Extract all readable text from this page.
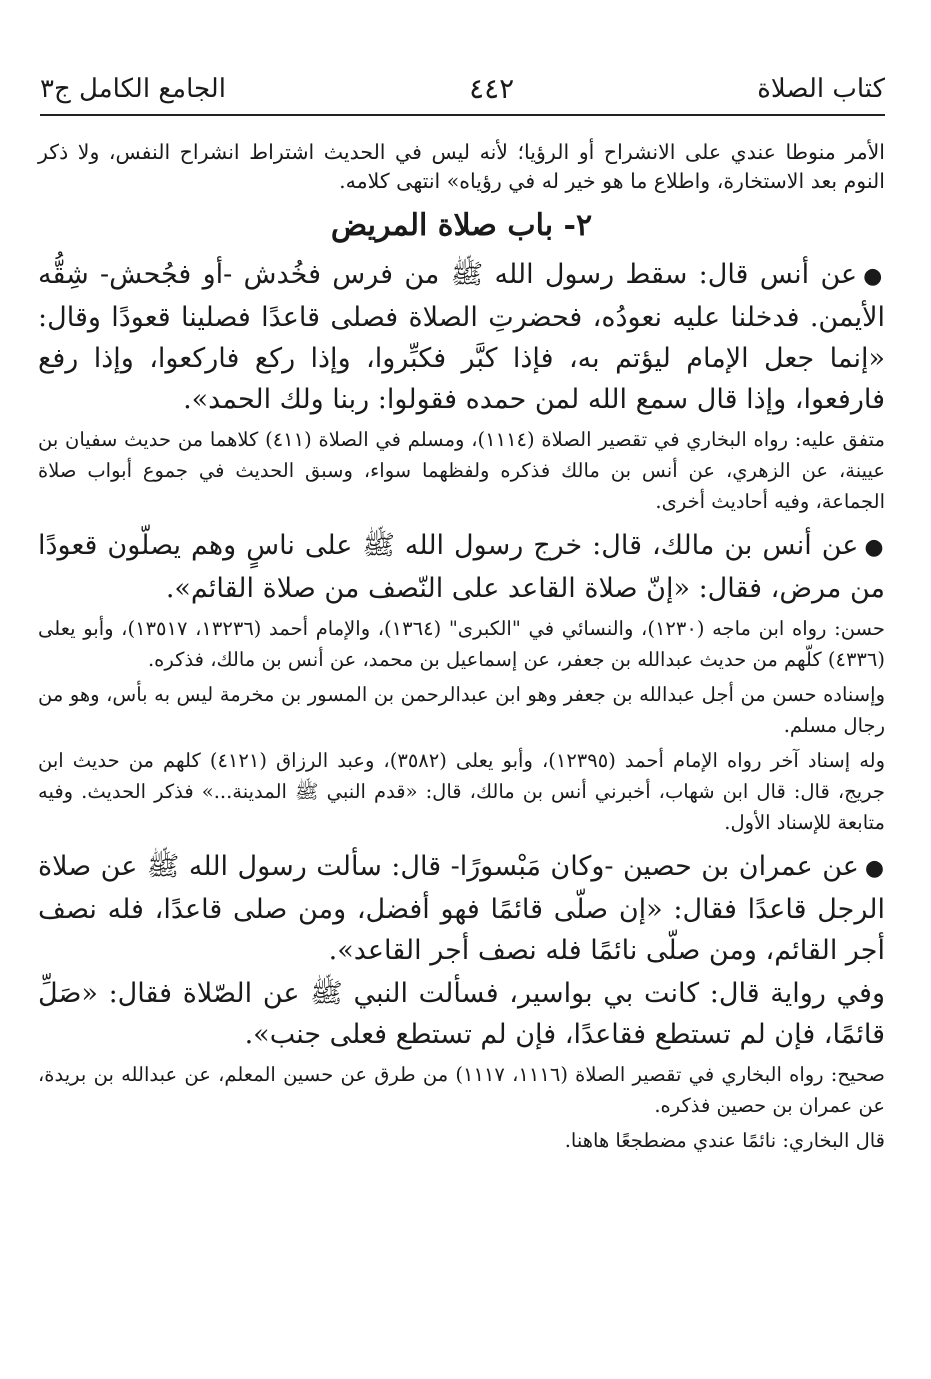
كتاب الصلاة
٤٤٢
الجامع الكامل ج٣

الأمر منوطا عندي على الانشراح أو الرؤيا؛ لأنه ليس في الحديث اشتراط انشراح النفس، ولا ذكر النوم بعد الاستخارة، واطلاع ما هو خير له في رؤياه» انتهى كلامه.

٢- باب صلاة المريض

●عن أنس قال: سقط رسول الله ﷺ من فرس فخُدش -أو فجُحش- شِقُّه الأيمن. فدخلنا عليه نعودُه، فحضرتِ الصلاة فصلى قاعدًا فصلينا قعودًا وقال: «إنما جعل الإمام ليؤتم به، فإذا كبَّر فكبِّروا، وإذا ركع فاركعوا، وإذا رفع فارفعوا، وإذا قال سمع الله لمن حمده فقولوا: ربنا ولك الحمد».

متفق عليه: رواه البخاري في تقصير الصلاة (١١١٤)، ومسلم في الصلاة (٤١١) كلاهما من حديث سفيان بن عيينة، عن الزهري، عن أنس بن مالك فذكره ولفظهما سواء، وسبق الحديث في جموع أبواب صلاة الجماعة، وفيه أحاديث أخرى.

●عن أنس بن مالك، قال: خرج رسول الله ﷺ على ناسٍ وهم يصلّون قعودًا من مرض، فقال: «إنّ صلاة القاعد على النّصف من صلاة القائم».

حسن: رواه ابن ماجه (١٢٣٠)، والنسائي في "الكبرى" (١٣٦٤)، والإمام أحمد (١٣٢٣٦، ١٣٥١٧)، وأبو يعلى (٤٣٣٦) كلّهم من حديث عبدالله بن جعفر، عن إسماعيل بن محمد، عن أنس بن مالك، فذكره.

وإسناده حسن من أجل عبدالله بن جعفر وهو ابن عبدالرحمن بن المسور بن مخرمة ليس به بأس، وهو من رجال مسلم.

وله إسناد آخر رواه الإمام أحمد (١٢٣٩٥)، وأبو يعلى (٣٥٨٢)، وعبد الرزاق (٤١٢١) كلهم من حديث ابن جريج، قال: قال ابن شهاب، أخبرني أنس بن مالك، قال: «قدم النبي ﷺ المدينة...» فذكر الحديث. وفيه متابعة للإسناد الأول.

●عن عمران بن حصين -وكان مَبْسورًا- قال: سألت رسول الله ﷺ عن صلاة الرجل قاعدًا فقال: «إن صلّى قائمًا فهو أفضل، ومن صلى قاعدًا، فله نصف أجر القائم، ومن صلّى نائمًا فله نصف أجر القاعد».

وفي رواية قال: كانت بي بواسير، فسألت النبي ﷺ عن الصّلاة فقال: «صَلِّ قائمًا، فإن لم تستطع فقاعدًا، فإن لم تستطع فعلى جنب».

صحيح: رواه البخاري في تقصير الصلاة (١١١٦، ١١١٧) من طرق عن حسين المعلم، عن عبدالله بن بريدة، عن عمران بن حصين فذكره.

قال البخاري: نائمًا عندي مضطجعًا هاهنا.
